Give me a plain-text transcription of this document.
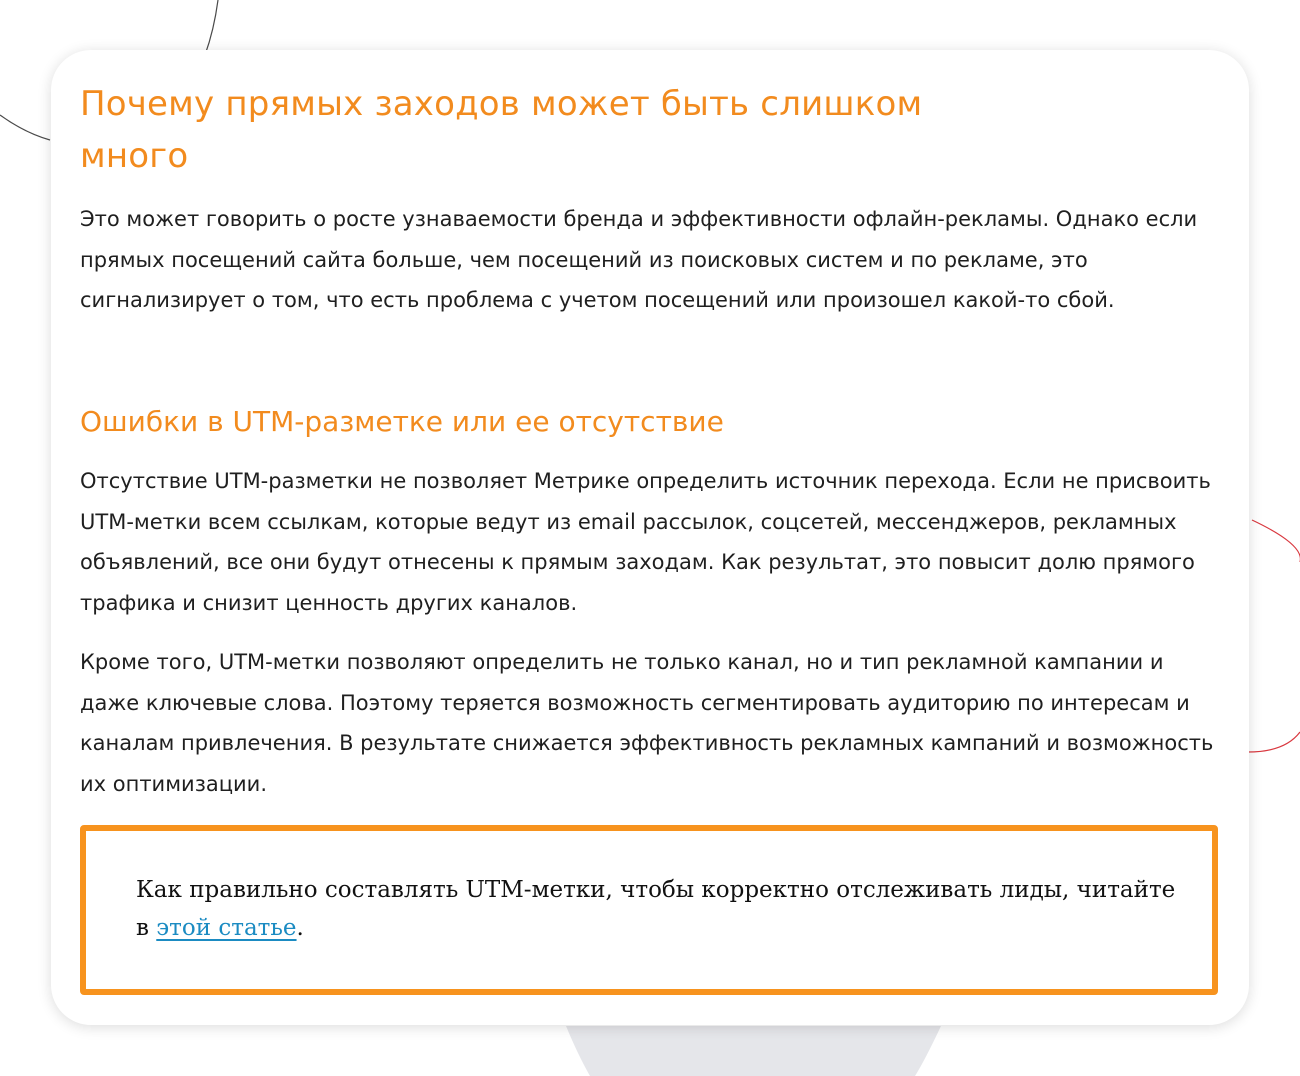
Почему прямых заходов может быть слишком много

Это может говорить о росте узнаваемости бренда и эффективности офлайн-рекламы. Однако если прямых посещений сайта больше, чем посещений из поисковых систем и по рекламе, это сигнализирует о том, что есть проблема с учетом посещений или произошел какой-то сбой.

Ошибки в UTM-разметке или ее отсутствие

Отсутствие UTM-разметки не позволяет Метрике определить источник перехода. Если не присвоить UTM-метки всем ссылкам, которые ведут из email рассылок, соцсетей, мессенджеров, рекламных объявлений, все они будут отнесены к прямым заходам. Как результат, это повысит долю прямого трафика и снизит ценность других каналов.

Кроме того, UTM-метки позволяют определить не только канал, но и тип рекламной кампании и даже ключевые слова. Поэтому теряется возможность сегментировать аудиторию по интересам и каналам привлечения. В результате снижается эффективность рекламных кампаний и возможность их оптимизации.

Как правильно составлять UTM-метки, чтобы корректно отслеживать лиды, читайте в этой статье.
